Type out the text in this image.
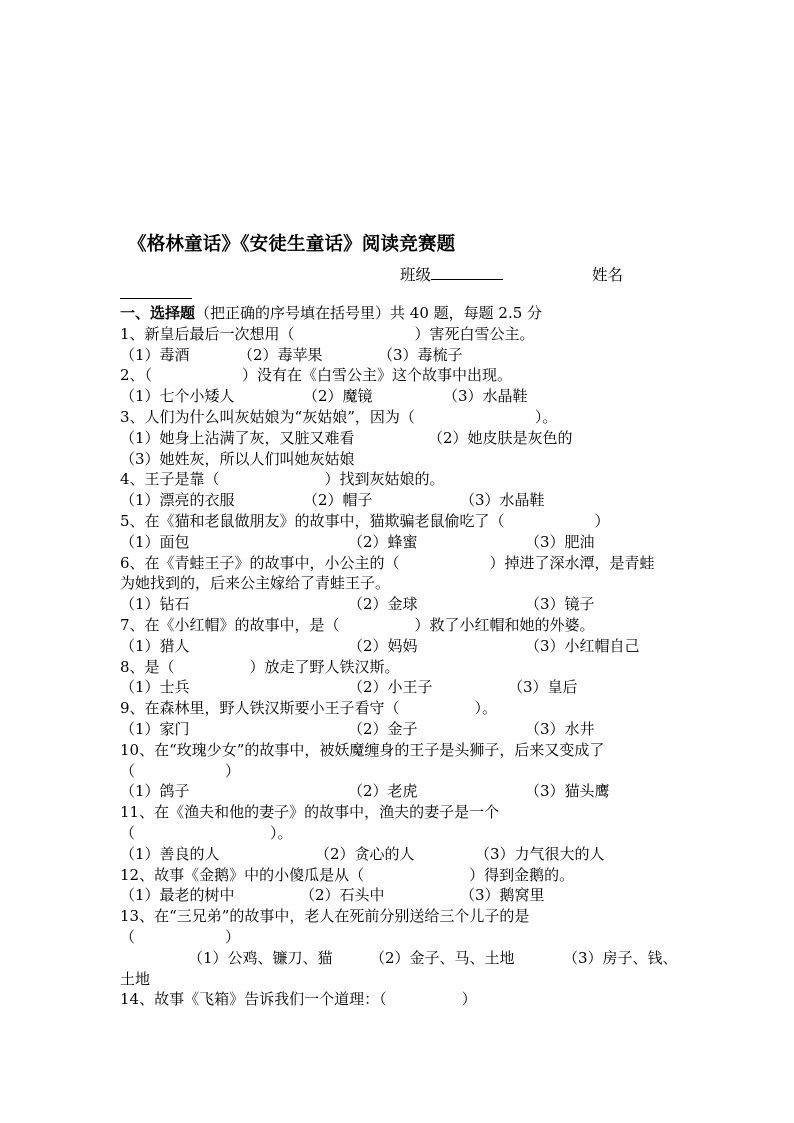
《格林童话》《安徒生童话》阅读竞赛题
班级	姓名
一、选择题（把正确的序号填在括号里）共 40 题，每题 2.5 分
1、新皇后最后一次想用（　　　　　　　　）害死白雪公主。
（1）毒酒	（2）毒苹果	（3）毒梳子
2、（　　　　　　）没有在《白雪公主》这个故事中出现。
（1）七个小矮人	（2）魔镜	（3）水晶鞋
3、人们为什么叫灰姑娘为“灰姑娘”，因为（　　　　　　　　）。
（1）她身上沾满了灰，又脏又难看	（2）她皮肤是灰色的
（3）她姓灰，所以人们叫她灰姑娘
4、王子是靠（　　　　　　　）找到灰姑娘的。
（1）漂亮的衣服	（2）帽子	（3）水晶鞋
5、在《猫和老鼠做朋友》的故事中，猫欺骗老鼠偷吃了（　　　　　　）
（1）面包	（2）蜂蜜	（3）肥油
6、在《青蛙王子》的故事中，小公主的（　　　　　　）掉进了深水潭，是青蛙
为她找到的，后来公主嫁给了青蛙王子。
（1）钻石	（2）金球	（3）镜子
7、在《小红帽》的故事中，是（　　　　　）救了小红帽和她的外婆。
（1）猎人	（2）妈妈	（3）小红帽自己
8、是（　　　　　）放走了野人铁汉斯。
（1）士兵	（2）小王子	（3）皇后
9、在森林里，野人铁汉斯要小王子看守（　　　　　）。
（1）家门	（2）金子	（3）水井
10、在“玫瑰少女”的故事中，被妖魔缠身的王子是头狮子，后来又变成了
（　　　　　　）
（1）鸽子	（2）老虎	（3）猫头鹰
11、在《渔夫和他的妻子》的故事中，渔夫的妻子是一个
（　　　　　　　　　）。
（1）善良的人	（2）贪心的人	（3）力气很大的人
12、故事《金鹅》中的小傻瓜是从（　　　　　　　）得到金鹅的。
（1）最老的树中	（2）石头中	（3）鹅窝里
13、在“三兄弟”的故事中，老人在死前分别送给三个儿子的是
（　　　　　　）
（1）公鸡、镰刀、猫 （2）金子、马、土地	（3）房子、钱、
土地
14、故事《飞箱》告诉我们一个道理：（　　　　　）
